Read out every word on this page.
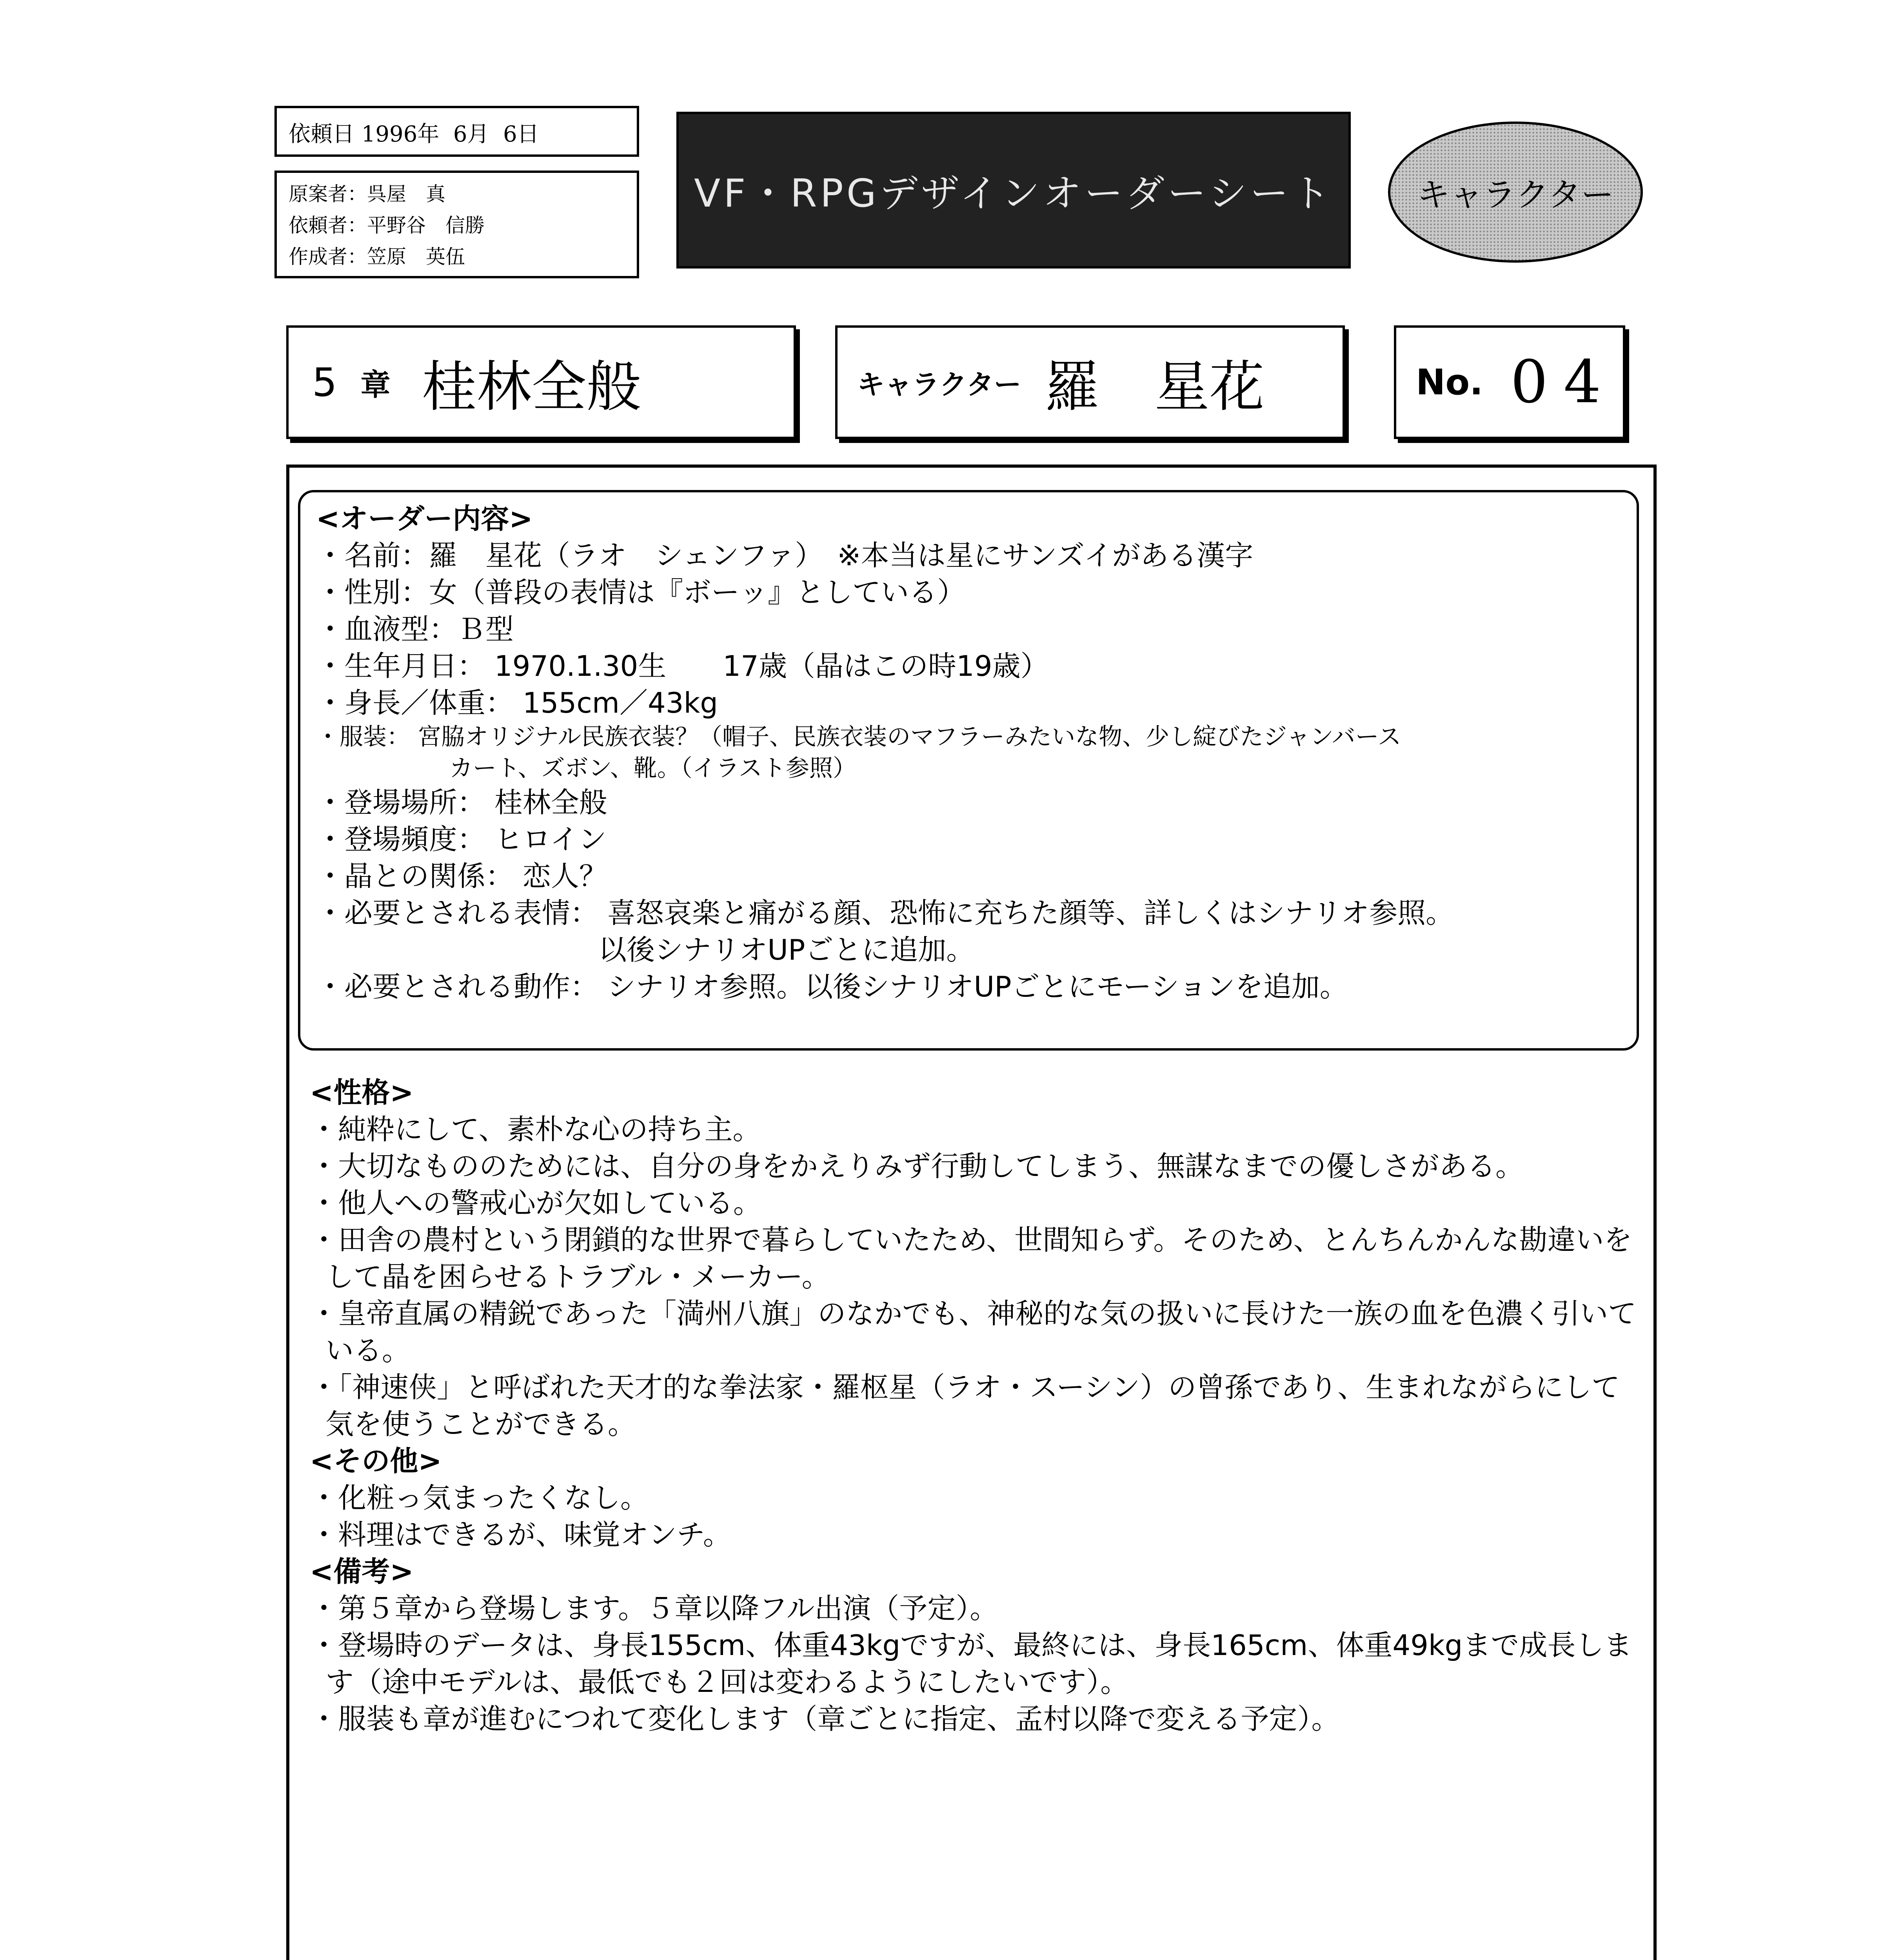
依頼日 1996年  6月  6日
原案者：呉屋　真
依頼者：平野谷　信勝
作成者：笠原　英伍
VF・RPGデザインオーダーシート	キャラクター
5 章 桂林全般	キャラクター 羅　星花	No. 04
<オーダー内容>
・名前：羅　星花（ラオ　シェンファ）　※本当は星にサンズイがある漢字
・性別：女（普段の表情は『ボーッ』としている）
・血液型：Ｂ型
・生年月日： 1970.1.30生　　17歳（晶はこの時19歳）
・身長／体重： 155cm／43kg
・服装： 宮脇オリジナル民族衣装？（帽子、民族衣装のマフラーみたいな物、少し綻びたジャンバース
カート、ズボン、靴。（イラスト参照）
・登場場所： 桂林全般
・登場頻度： ヒロイン
・晶との関係： 恋人？
・必要とされる表情： 喜怒哀楽と痛がる顔、恐怖に充ちた顔等、詳しくはシナリオ参照。
以後シナリオUPごとに追加。
・必要とされる動作： シナリオ参照。以後シナリオUPごとにモーションを追加。
<性格>

・純粋にして、素朴な心の持ち主。

・大切なもののためには、自分の身をかえりみず行動してしまう、無謀なまでの優しさがある。

・他人への警戒心が欠如している。

・田舎の農村という閉鎖的な世界で暮らしていたため、世間知らず。そのため、とんちんかんな勘違いをして晶を困らせるトラブル・メーカー。

・皇帝直属の精鋭であった「満州八旗」のなかでも、神秘的な気の扱いに長けた一族の血を色濃く引いている。

・「神速侠」と呼ばれた天才的な拳法家・羅枢星（ラオ・スーシン）の曾孫であり、生まれながらにして気を使うことができる。

<その他>

・化粧っ気まったくなし。

・料理はできるが、味覚オンチ。

<備考>

・第５章から登場します。５章以降フル出演（予定）。

・登場時のデータは、身長155cm、体重43kgですが、最終には、身長165cm、体重49kgまで成長します（途中モデルは、最低でも２回は変わるようにしたいです）。

・服装も章が進むにつれて変化します（章ごとに指定、孟村以降で変える予定）。
